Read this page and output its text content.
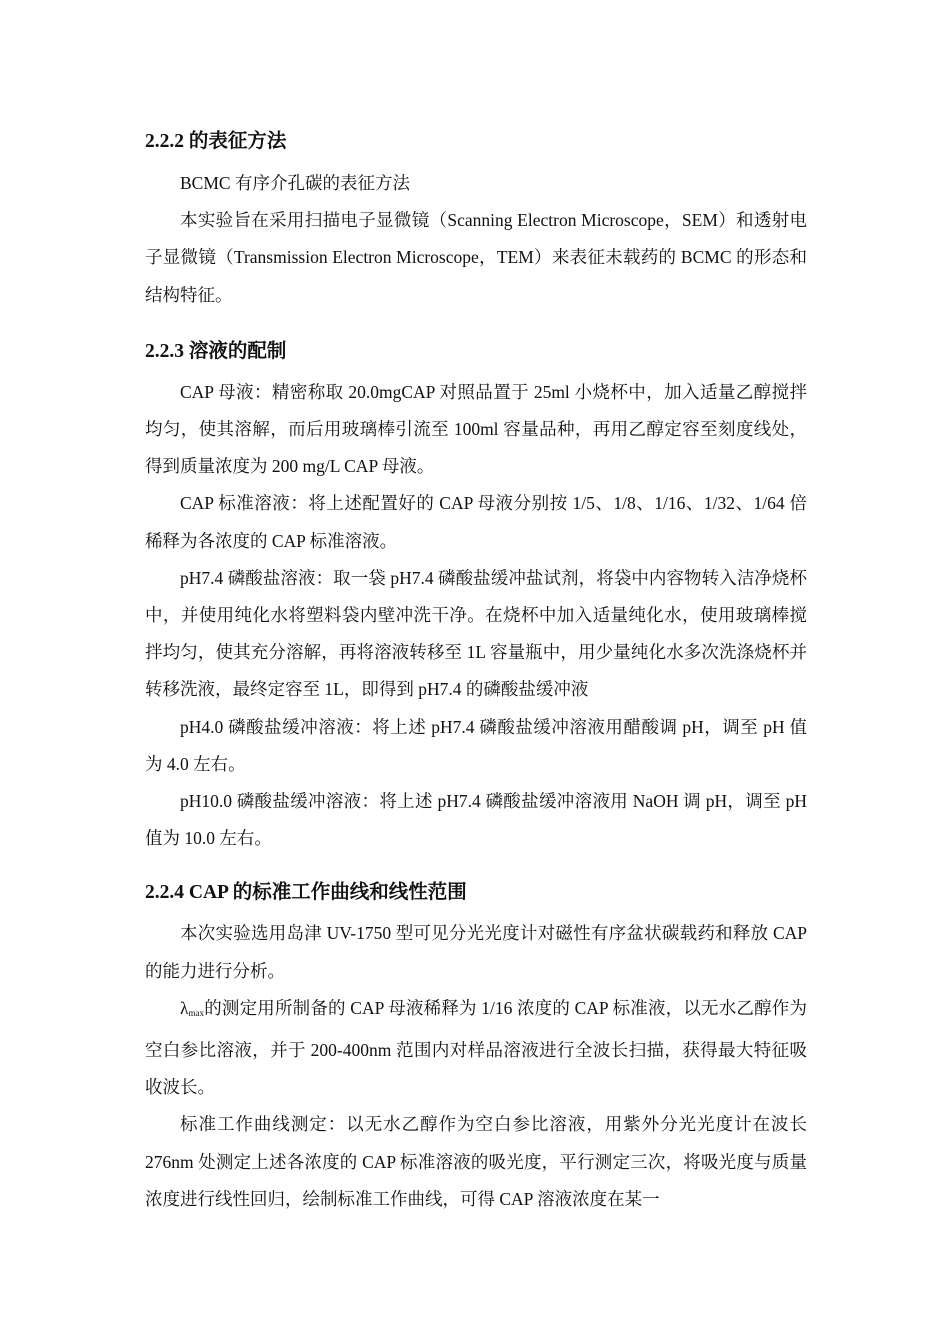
2.2.2 的表征方法

BCMC 有序介孔碳的表征方法

本实验旨在采用扫描电子显微镜（Scanning Electron Microscope，SEM）和透射电子显微镜（Transmission Electron Microscope，TEM）来表征未载药的 BCMC 的形态和结构特征。

2.2.3 溶液的配制

CAP 母液：精密称取 20.0mgCAP 对照品置于 25ml 小烧杯中，加入适量乙醇搅拌均匀，使其溶解，而后用玻璃棒引流至 100ml 容量品种，再用乙醇定容至刻度线处，得到质量浓度为 200 mg/L CAP 母液。

CAP 标准溶液：将上述配置好的 CAP 母液分别按 1/5、1/8、1/16、1/32、1/64 倍稀释为各浓度的 CAP 标准溶液。

pH7.4 磷酸盐溶液：取一袋 pH7.4 磷酸盐缓冲盐试剂，将袋中内容物转入洁净烧杯中，并使用纯化水将塑料袋内壁冲洗干净。在烧杯中加入适量纯化水，使用玻璃棒搅拌均匀，使其充分溶解，再将溶液转移至 1L 容量瓶中，用少量纯化水多次洗涤烧杯并转移洗液，最终定容至 1L，即得到 pH7.4 的磷酸盐缓冲液

pH4.0 磷酸盐缓冲溶液：将上述 pH7.4 磷酸盐缓冲溶液用醋酸调 pH，调至 pH 值为 4.0 左右。

pH10.0 磷酸盐缓冲溶液：将上述 pH7.4 磷酸盐缓冲溶液用 NaOH 调 pH，调至 pH 值为 10.0 左右。

2.2.4 CAP 的标准工作曲线和线性范围

本次实验选用岛津 UV-1750 型可见分光光度计对磁性有序盆状碳载药和释放 CAP 的能力进行分析。

$\lambda_{max}$的测定用所制备的 CAP 母液稀释为 1/16 浓度的 CAP 标准液，以无水乙醇作为空白参比溶液，并于 200-400nm 范围内对样品溶液进行全波长扫描，获得最大特征吸收波长。

标准工作曲线测定：以无水乙醇作为空白参比溶液，用紫外分光光度计在波长 276nm 处测定上述各浓度的 CAP 标准溶液的吸光度，平行测定三次，将吸光度与质量浓度进行线性回归，绘制标准工作曲线，可得 CAP 溶液浓度在某一
